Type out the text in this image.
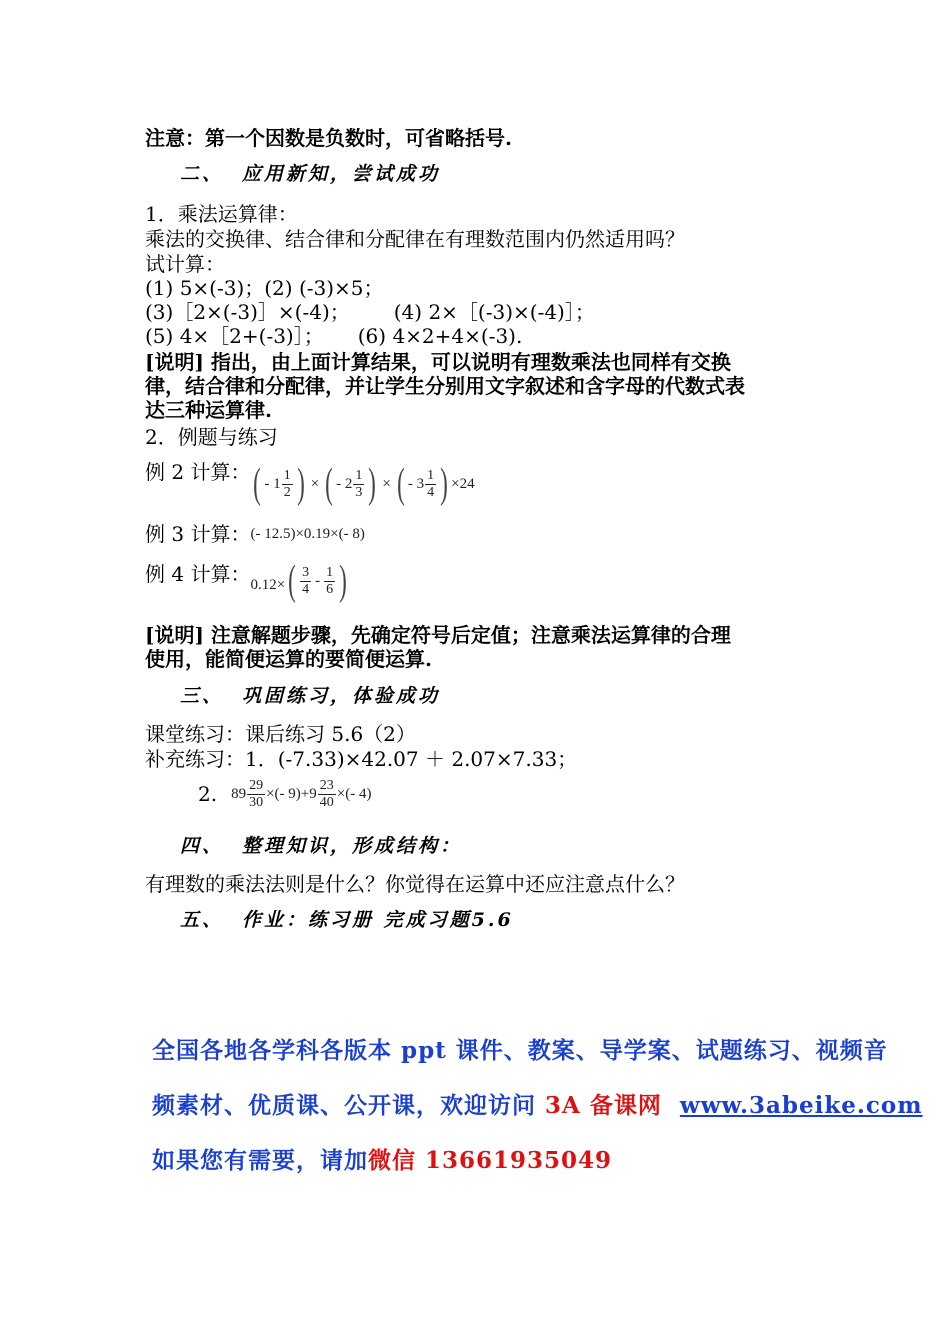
注意：第一个因数是负数时，可省略括号.
二、 应用新知，尝试成功
1．乘法运算律：
乘法的交换律、结合律和分配律在有理数范围内仍然适用吗？
试计算：
(1) 5×(-3)；(2) (-3)×5；
(3)［2×(-3)］×(-4)； (4) 2×［(-3)×(-4)］；
(5) 4×［2+(-3)］； (6) 4×2+4×(-3).
[说明] 指出，由上面计算结果，可以说明有理数乘法也同样有交换
律，结合律和分配律，并让学生分别用文字叙述和含字母的代数式表
达三种运算律.
2．例题与练习
例 2 计算： ( -
$1 \frac{1}{2}$ ) × ( -
$2 \frac{1}{3}$ ) × ( -
$3 \frac{1}{4}$ ) ×24
例 3 计算： (- 12.5)×0.19×(- 8)
例 4 计算： 0.12× ( $\frac{3}{4} - \frac{1}{6}$ )
[说明] 注意解题步骤，先确定符号后定值；注意乘法运算律的合理
使用，能简便运算的要简便运算.
三、 巩固练习，体验成功
课堂练习：课后练习 5.6（2）
补充练习：1．(-7.33)×42.07 ＋ 2.07×7.33；
2. $89 \frac{29}{30}$ ×(- $9)+9 \frac{23}{40}$ ×(- 4)
四、 整理知识，形成结构：
有理数的乘法法则是什么？你觉得在运算中还应注意点什么？
五、 作业：练习册 完成习题5.6
全国各地各学科各版本 ppt 课件、教案、导学案、试题练习、视频音
频素材、优质课、公开课，欢迎访问 3A 备课网 www.3abeike.com
如果您有需要，请加微信 13661935049
